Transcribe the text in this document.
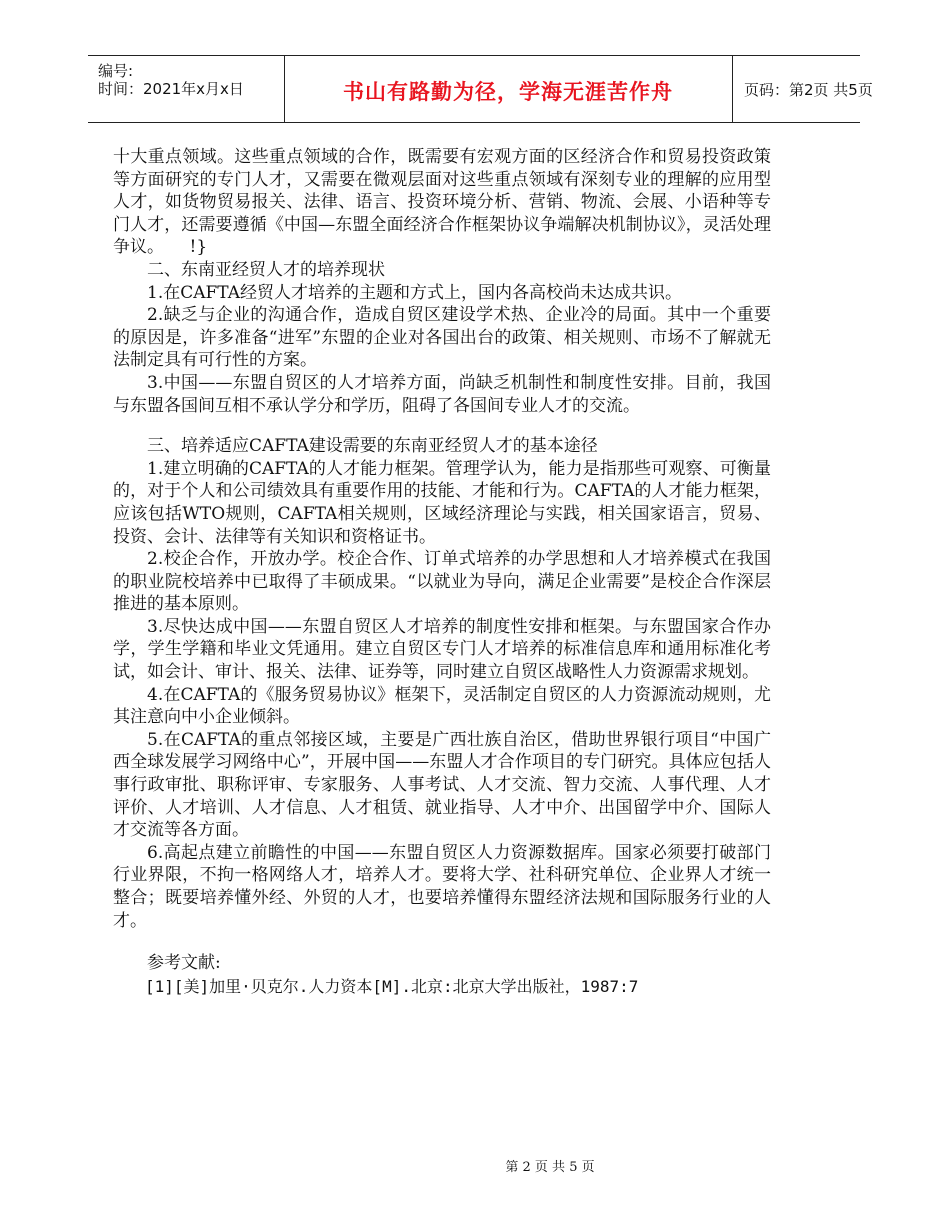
编号:
时间：2021年x月x日	书山有路勤为径，学海无涯苦作舟	页码：第2页 共5页

十大重点领域。这些重点领域的合作，既需要有宏观方面的区经济合作和贸易投资政策等方面研究的专门人才，又需要在微观层面对这些重点领域有深刻专业的理解的应用型人才，如货物贸易报关、法律、语言、投资环境分析、营销、物流、会展、小语种等专门人才，还需要遵循《中国—东盟全面经济合作框架协议争端解决机制协议》，灵活处理争议。　　!}

二、东南亚经贸人才的培养现状

1.在CAFTA经贸人才培养的主题和方式上，国内各高校尚未达成共识。

2.缺乏与企业的沟通合作，造成自贸区建设学术热、企业冷的局面。其中一个重要的原因是，许多准备“进军”东盟的企业对各国出台的政策、相关规则、市场不了解就无法制定具有可行性的方案。

3.中国——东盟自贸区的人才培养方面，尚缺乏机制性和制度性安排。目前，我国与东盟各国间互相不承认学分和学历，阻碍了各国间专业人才的交流。

三、培养适应CAFTA建设需要的东南亚经贸人才的基本途径

1.建立明确的CAFTA的人才能力框架。管理学认为，能力是指那些可观察、可衡量的，对于个人和公司绩效具有重要作用的技能、才能和行为。CAFTA的人才能力框架，应该包括WTO规则，CAFTA相关规则，区域经济理论与实践，相关国家语言，贸易、投资、会计、法律等有关知识和资格证书。

2.校企合作，开放办学。校企合作、订单式培养的办学思想和人才培养模式在我国的职业院校培养中已取得了丰硕成果。“以就业为导向，满足企业需要”是校企合作深层推进的基本原则。

3.尽快达成中国——东盟自贸区人才培养的制度性安排和框架。与东盟国家合作办学，学生学籍和毕业文凭通用。建立自贸区专门人才培养的标准信息库和通用标准化考试，如会计、审计、报关、法律、证券等，同时建立自贸区战略性人力资源需求规划。

4.在CAFTA的《服务贸易协议》框架下，灵活制定自贸区的人力资源流动规则，尤其注意向中小企业倾斜。

5.在CAFTA的重点邻接区域，主要是广西壮族自治区，借助世界银行项目“中国广西全球发展学习网络中心”，开展中国——东盟人才合作项目的专门研究。具体应包括人事行政审批、职称评审、专家服务、人事考试、人才交流、智力交流、人事代理、人才评价、人才培训、人才信息、人才租赁、就业指导、人才中介、出国留学中介、国际人才交流等各方面。

6.高起点建立前瞻性的中国——东盟自贸区人力资源数据库。国家必须要打破部门行业界限，不拘一格网络人才，培养人才。要将大学、社科研究单位、企业界人才统一整合；既要培养懂外经、外贸的人才，也要培养懂得东盟经济法规和国际服务行业的人才。

参考文献:

[1][美]加里·贝克尔.人力资本[M].北京:北京大学出版社，1987:7

第 2 页 共 5 页
